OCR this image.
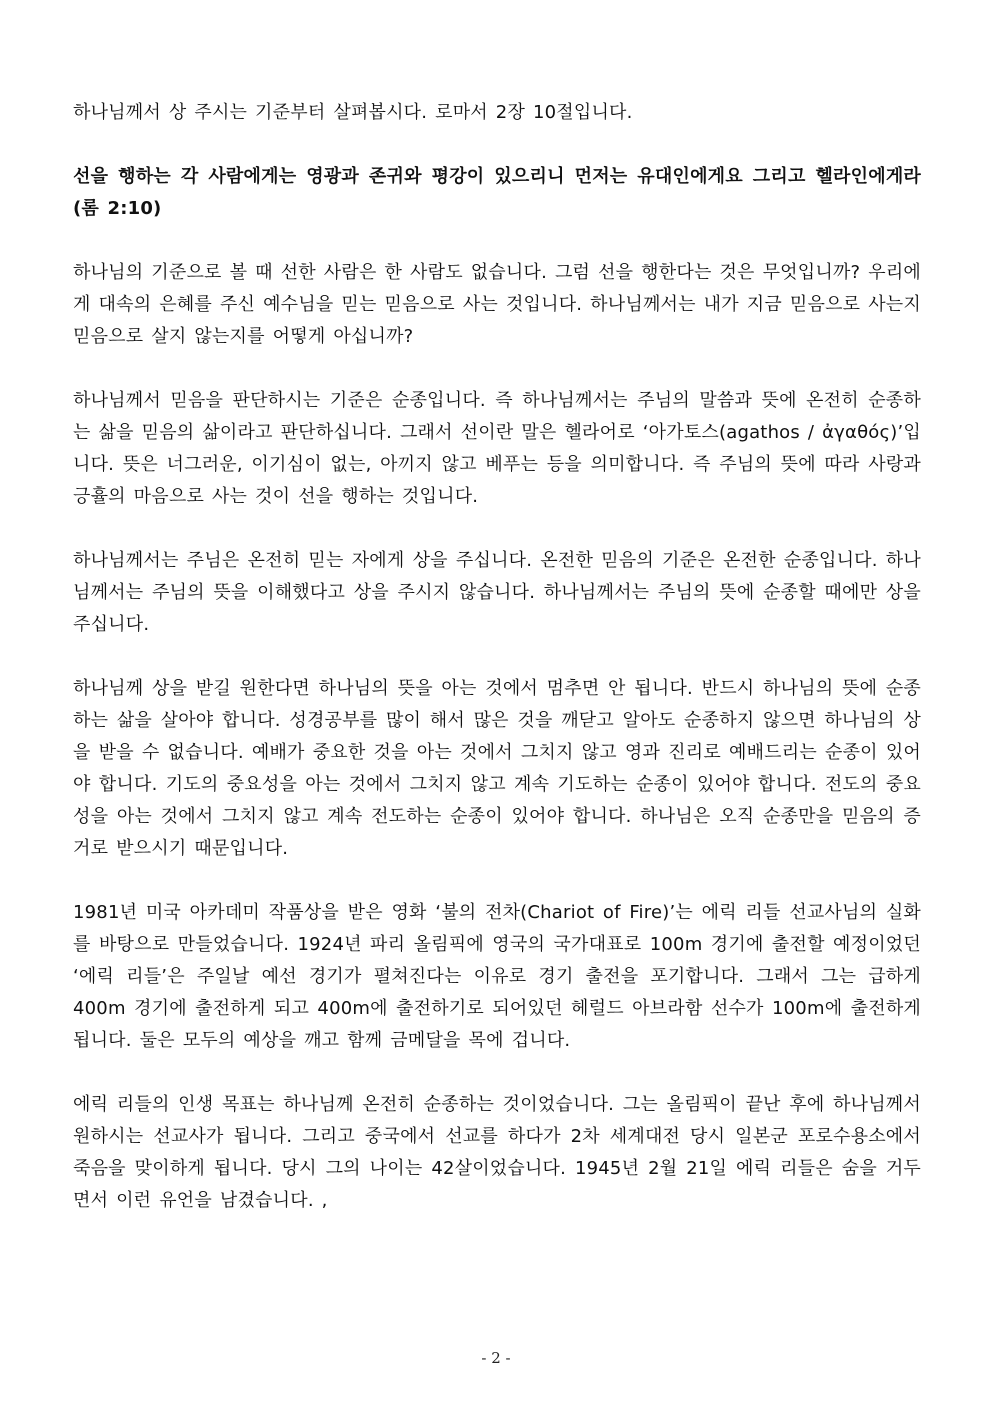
하나님께서 상 주시는 기준부터 살펴봅시다. 로마서 2장 10절입니다.

선을 행하는 각 사람에게는 영광과 존귀와 평강이 있으리니 먼저는 유대인에게요 그리고 헬라인에게라 (롬 2:10)

하나님의 기준으로 볼 때 선한 사람은 한 사람도 없습니다. 그럼 선을 행한다는 것은 무엇입니까? 우리에게 대속의 은혜를 주신 예수님을 믿는 믿음으로 사는 것입니다. 하나님께서는 내가 지금 믿음으로 사는지 믿음으로 살지 않는지를 어떻게 아십니까?

하나님께서 믿음을 판단하시는 기준은 순종입니다. 즉 하나님께서는 주님의 말씀과 뜻에 온전히 순종하는 삶을 믿음의 삶이라고 판단하십니다. 그래서 선이란 말은 헬라어로 ‘아가토스(agathos / ἀγαθός)’입니다. 뜻은 너그러운, 이기심이 없는, 아끼지 않고 베푸는 등을 의미합니다. 즉 주님의 뜻에 따라 사랑과 긍휼의 마음으로 사는 것이 선을 행하는 것입니다.

하나님께서는 주님은 온전히 믿는 자에게 상을 주십니다. 온전한 믿음의 기준은 온전한 순종입니다. 하나님께서는 주님의 뜻을 이해했다고 상을 주시지 않습니다. 하나님께서는 주님의 뜻에 순종할 때에만 상을 주십니다.

하나님께 상을 받길 원한다면 하나님의 뜻을 아는 것에서 멈추면 안 됩니다. 반드시 하나님의 뜻에 순종하는 삶을 살아야 합니다. 성경공부를 많이 해서 많은 것을 깨닫고 알아도 순종하지 않으면 하나님의 상을 받을 수 없습니다. 예배가 중요한 것을 아는 것에서 그치지 않고 영과 진리로 예배드리는 순종이 있어야 합니다. 기도의 중요성을 아는 것에서 그치지 않고 계속 기도하는 순종이 있어야 합니다. 전도의 중요성을 아는 것에서 그치지 않고 계속 전도하는 순종이 있어야 합니다. 하나님은 오직 순종만을 믿음의 증거로 받으시기 때문입니다.

1981년 미국 아카데미 작품상을 받은 영화 ‘불의 전차(Chariot of Fire)’는 에릭 리들 선교사님의 실화를 바탕으로 만들었습니다. 1924년 파리 올림픽에 영국의 국가대표로 100m 경기에 출전할 예정이었던 ‘에릭 리들’은 주일날 예선 경기가 펼쳐진다는 이유로 경기 출전을 포기합니다. 그래서 그는 급하게 400m 경기에 출전하게 되고 400m에 출전하기로 되어있던 헤럴드 아브라함 선수가 100m에 출전하게 됩니다. 둘은 모두의 예상을 깨고 함께 금메달을 목에 겁니다.

에릭 리들의 인생 목표는 하나님께 온전히 순종하는 것이었습니다. 그는 올림픽이 끝난 후에 하나님께서 원하시는 선교사가 됩니다. 그리고 중국에서 선교를 하다가 2차 세계대전 당시 일본군 포로수용소에서 죽음을 맞이하게 됩니다. 당시 그의 나이는 42살이었습니다. 1945년 2월 21일 에릭 리들은 숨을 거두면서 이런 유언을 남겼습니다. ,

- 2 -
